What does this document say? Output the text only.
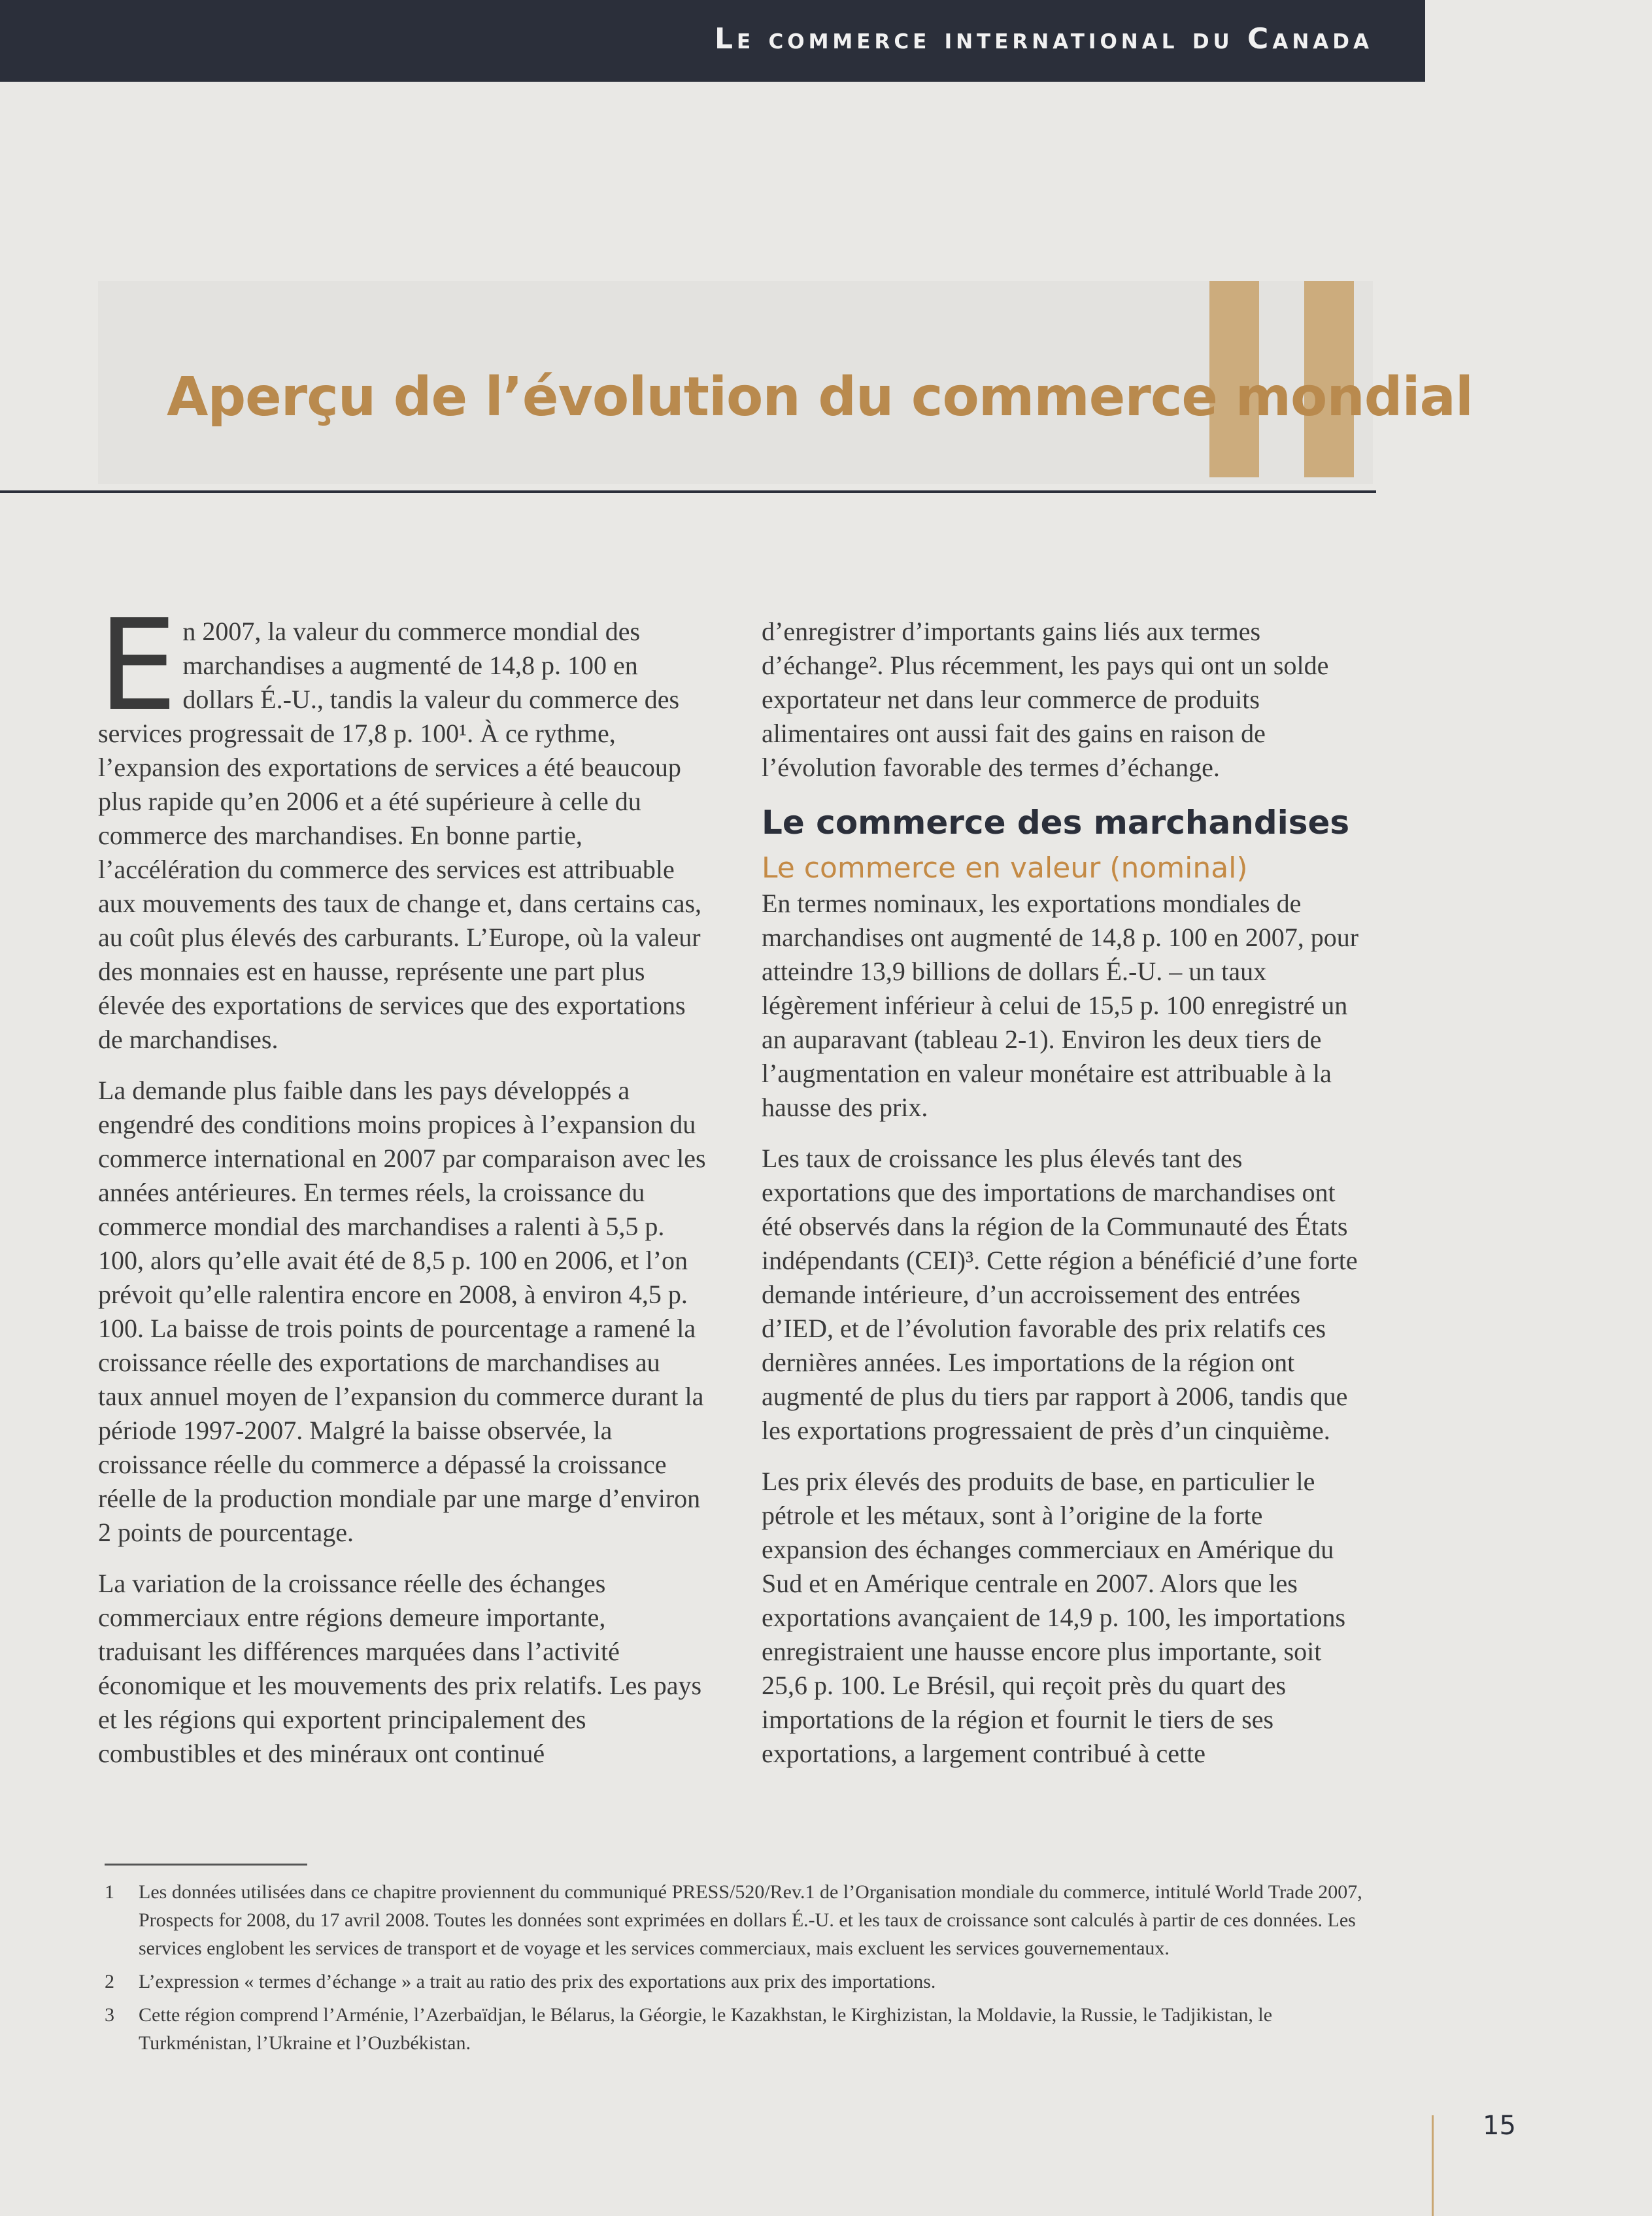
Le commerce international du Canada
Aperçu de l’évolution du commerce mondial

En 2007, la valeur du commerce mondial des marchandises a augmenté de 14,8 p. 100 en dollars É.-U., tandis la valeur du commerce des services progressait de 17,8 p. 100¹. À ce rythme, l’expansion des exportations de services a été beaucoup plus rapide qu’en 2006 et a été supérieure à celle du commerce des marchandises. En bonne partie, l’accélération du commerce des services est attribuable aux mouvements des taux de change et, dans certains cas, au coût plus élevés des carburants. L’Europe, où la valeur des monnaies est en hausse, représente une part plus élevée des exportations de services que des exportations de marchandises.

La demande plus faible dans les pays développés a engendré des conditions moins propices à l’expansion du commerce international en 2007 par comparaison avec les années antérieures. En termes réels, la croissance du commerce mondial des marchandises a ralenti à 5,5 p. 100, alors qu’elle avait été de 8,5 p. 100 en 2006, et l’on prévoit qu’elle ralentira encore en 2008, à environ 4,5 p. 100. La baisse de trois points de pourcentage a ramené la croissance réelle des exportations de marchandises au taux annuel moyen de l’expansion du commerce durant la période 1997-2007. Malgré la baisse observée, la croissance réelle du commerce a dépassé la croissance réelle de la production mondiale par une marge d’environ 2 points de pourcentage.

La variation de la croissance réelle des échanges commerciaux entre régions demeure importante, traduisant les différences marquées dans l’activité économique et les mouvements des prix relatifs. Les pays et les régions qui exportent principalement des combustibles et des minéraux ont continué

d’enregistrer d’importants gains liés aux termes d’échange². Plus récemment, les pays qui ont un solde exportateur net dans leur commerce de produits alimentaires ont aussi fait des gains en raison de l’évolution favorable des termes d’échange.

Le commerce des marchandises
Le commerce en valeur (nominal)

En termes nominaux, les exportations mondiales de marchandises ont augmenté de 14,8 p. 100 en 2007, pour atteindre 13,9 billions de dollars É.-U. – un taux légèrement inférieur à celui de 15,5 p. 100 enregistré un an auparavant (tableau 2-1). Environ les deux tiers de l’augmentation en valeur monétaire est attribuable à la hausse des prix.

Les taux de croissance les plus élevés tant des exportations que des importations de marchandises ont été observés dans la région de la Communauté des États indépendants (CEI)³. Cette région a bénéficié d’une forte demande intérieure, d’un accroissement des entrées d’IED, et de l’évolution favorable des prix relatifs ces dernières années. Les importations de la région ont augmenté de plus du tiers par rapport à 2006, tandis que les exportations progressaient de près d’un cinquième.

Les prix élevés des produits de base, en particulier le pétrole et les métaux, sont à l’origine de la forte expansion des échanges commerciaux en Amérique du Sud et en Amérique centrale en 2007. Alors que les exportations avançaient de 14,9 p. 100, les importations enregistraient une hausse encore plus importante, soit 25,6 p. 100. Le Brésil, qui reçoit près du quart des importations de la région et fournit le tiers de ses exportations, a largement contribué à cette

1	Les données utilisées dans ce chapitre proviennent du communiqué PRESS/520/Rev.1 de l’Organisation mondiale du commerce, intitulé World Trade 2007, Prospects for 2008, du 17 avril 2008. Toutes les données sont exprimées en dollars É.-U. et les taux de croissance sont calculés à partir de ces données. Les services englobent les services de transport et de voyage et les services commerciaux, mais excluent les services gouvernementaux.
2	L’expression « termes d’échange » a trait au ratio des prix des exportations aux prix des importations.
3	Cette région comprend l’Arménie, l’Azerbaïdjan, le Bélarus, la Géorgie, le Kazakhstan, le Kirghizistan, la Moldavie, la Russie, le Tadjikistan, le Turkménistan, l’Ukraine et l’Ouzbékistan.
15
